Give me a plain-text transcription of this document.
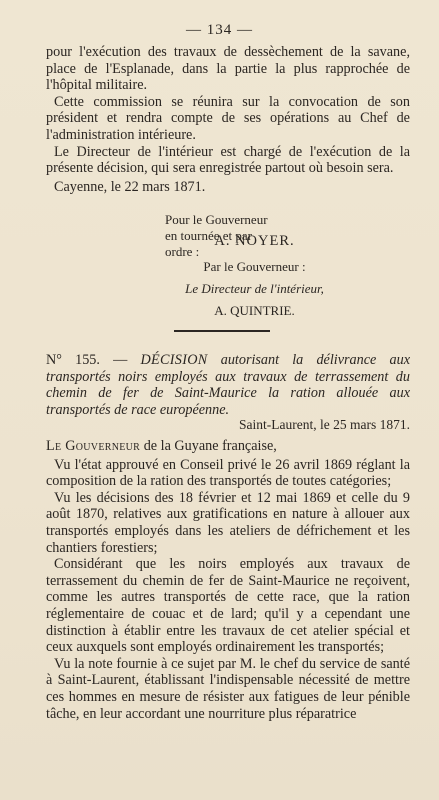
— 134 —

pour l'exécution des travaux de dessèchement de la savane, place de l'Esplanade, dans la partie la plus rapprochée de l'hôpital militaire.

Cette commission se réunira sur la convocation de son président et rendra compte de ses opérations au Chef de l'administration intérieure.

Le Directeur de l'intérieur est chargé de l'exécution de la présente décision, qui sera enregistrée partout où besoin sera.

Cayenne, le 22 mars 1871.

Pour le Gouverneur en tournée et par ordre :
A. NOYER.
Par le Gouverneur :
Le Directeur de l'intérieur,
A. QUINTRIE.
N° 155. — DÉCISION autorisant la délivrance aux transportés noirs employés aux travaux de terrassement du chemin de fer de Saint-Maurice la ration allouée aux transportés de race européenne.
Saint-Laurent, le 25 mars 1871.

Le Gouverneur de la Guyane française,

Vu l'état approuvé en Conseil privé le 26 avril 1869 réglant la composition de la ration des transportés de toutes catégories;

Vu les décisions des 18 février et 12 mai 1869 et celle du 9 août 1870, relatives aux gratifications en nature à allouer aux transportés employés dans les ateliers de défrichement et les chantiers forestiers;

Considérant que les noirs employés aux travaux de terrassement du chemin de fer de Saint-Maurice ne reçoivent, comme les autres transportés de cette race, que la ration réglementaire de couac et de lard; qu'il y a cependant une distinction à établir entre les travaux de cet atelier spécial et ceux auxquels sont employés ordinairement les transportés;

Vu la note fournie à ce sujet par M. le chef du service de santé à Saint-Laurent, établissant l'indispensable nécessité de mettre ces hommes en mesure de résister aux fatigues de leur pénible tâche, en leur accordant une nourriture plus réparatrice
